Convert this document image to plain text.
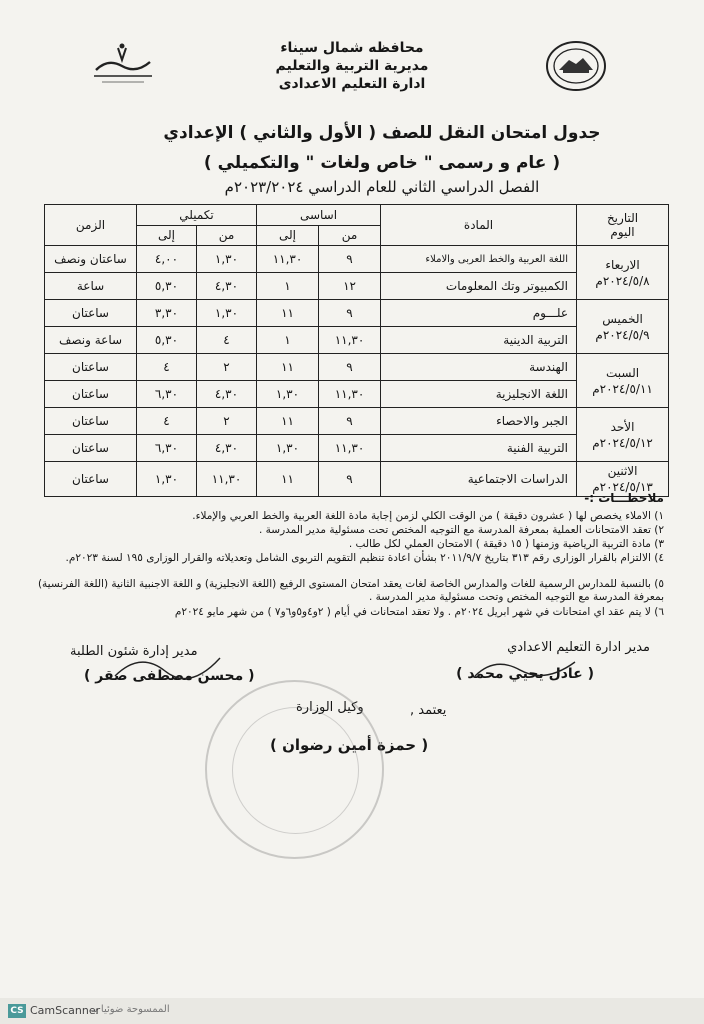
محافظه شمال سيناء
مديرية التربية والتعليم
ادارة التعليم الاعدادى
جدول امتحان النقل للصف ( الأول والثاني ) الإعدادي
( عام و رسمى " خاص ولغات " والتكميلي )
الفصل الدراسي الثاني للعام الدراسي ٢٠٢٣/٢٠٢٤م
التاريخ
اليوم	المادة	اساسى		تكميلي		الزمن
		من	إلى	من	إلى	

الاربعاء
٢٠٢٤/٥/٨م	اللغة العربية والخط العربى والاملاء	٩	١١,٣٠	١,٣٠	٤,٠٠	ساعتان ونصف
	الكمبيوتر وتك المعلومات	١٢	١	٤,٣٠	٥,٣٠	ساعة

الخميس
٢٠٢٤/٥/٩م	علـــوم	٩	١١	١,٣٠	٣,٣٠	ساعتان
	التربية الدينية	١١,٣٠	١	٤	٥,٣٠	ساعة ونصف

السبت
٢٠٢٤/٥/١١م	الهندسة	٩	١١	٢	٤	ساعتان
	اللغة الانجليزية	١١,٣٠	١,٣٠	٤,٣٠	٦,٣٠	ساعتان

الأحد
٢٠٢٤/٥/١٢م	الجبر والاحصاء	٩	١١	٢	٤	ساعتان
	التربية الفنية	١١,٣٠	١,٣٠	٤,٣٠	٦,٣٠	ساعتان

الاثنين
٢٠٢٤/٥/١٣م	الدراسات الاجتماعية	٩	١١	١١,٣٠	١,٣٠	ساعتان
ملاحظـــات :-
١) الاملاء يخصص لها ( عشرون دقيقة ) من الوقت الكلي لزمن إجابة مادة اللغة العربية والخط العربي والإملاء.
٢) تعقد الامتحانات العملية بمعرفة المدرسة مع التوجيه المختص تحت مسئولية مدير المدرسة .
٣) مادة التربية الرياضية وزمنها ( ١٥ دقيقة ) الامتحان العملي لكل طالب .
٤) الالتزام بالقرار الوزارى رقم ٣١٣ بتاريخ ٢٠١١/٩/٧ بشأن اعادة تنظيم التقويم التربوى الشامل وتعديلاته والقرار الوزارى ١٩٥ لسنة ٢٠٢٣م.
٥) بالنسبة للمدارس الرسمية للغات والمدارس الخاصة لغات يعقد امتحان المستوى الرفيع (اللغة الانجليزية) و اللغة الاجنبية الثانية (اللغة الفرنسية) بمعرفة المدرسة مع التوجيه المختص وتحت مسئولية مدير المدرسة .
٦) لا يتم عقد اي امتحانات في شهر ابريل ٢٠٢٤م . ولا تعقد امتحانات في أيام ( ٢و٤و٥و٦و٧ ) من شهر مايو ٢٠٢٤م
مدير ادارة التعليم الاعدادي
( عادل يحيي محمد )
مدير إدارة شئون الطلبة
( محسن مصطفى صقر )
يعتمد ,
وكيل الوزارة
( حمزة أمين رضوان )
CS CamScanner
الممسوحة ضوئيا بـ
